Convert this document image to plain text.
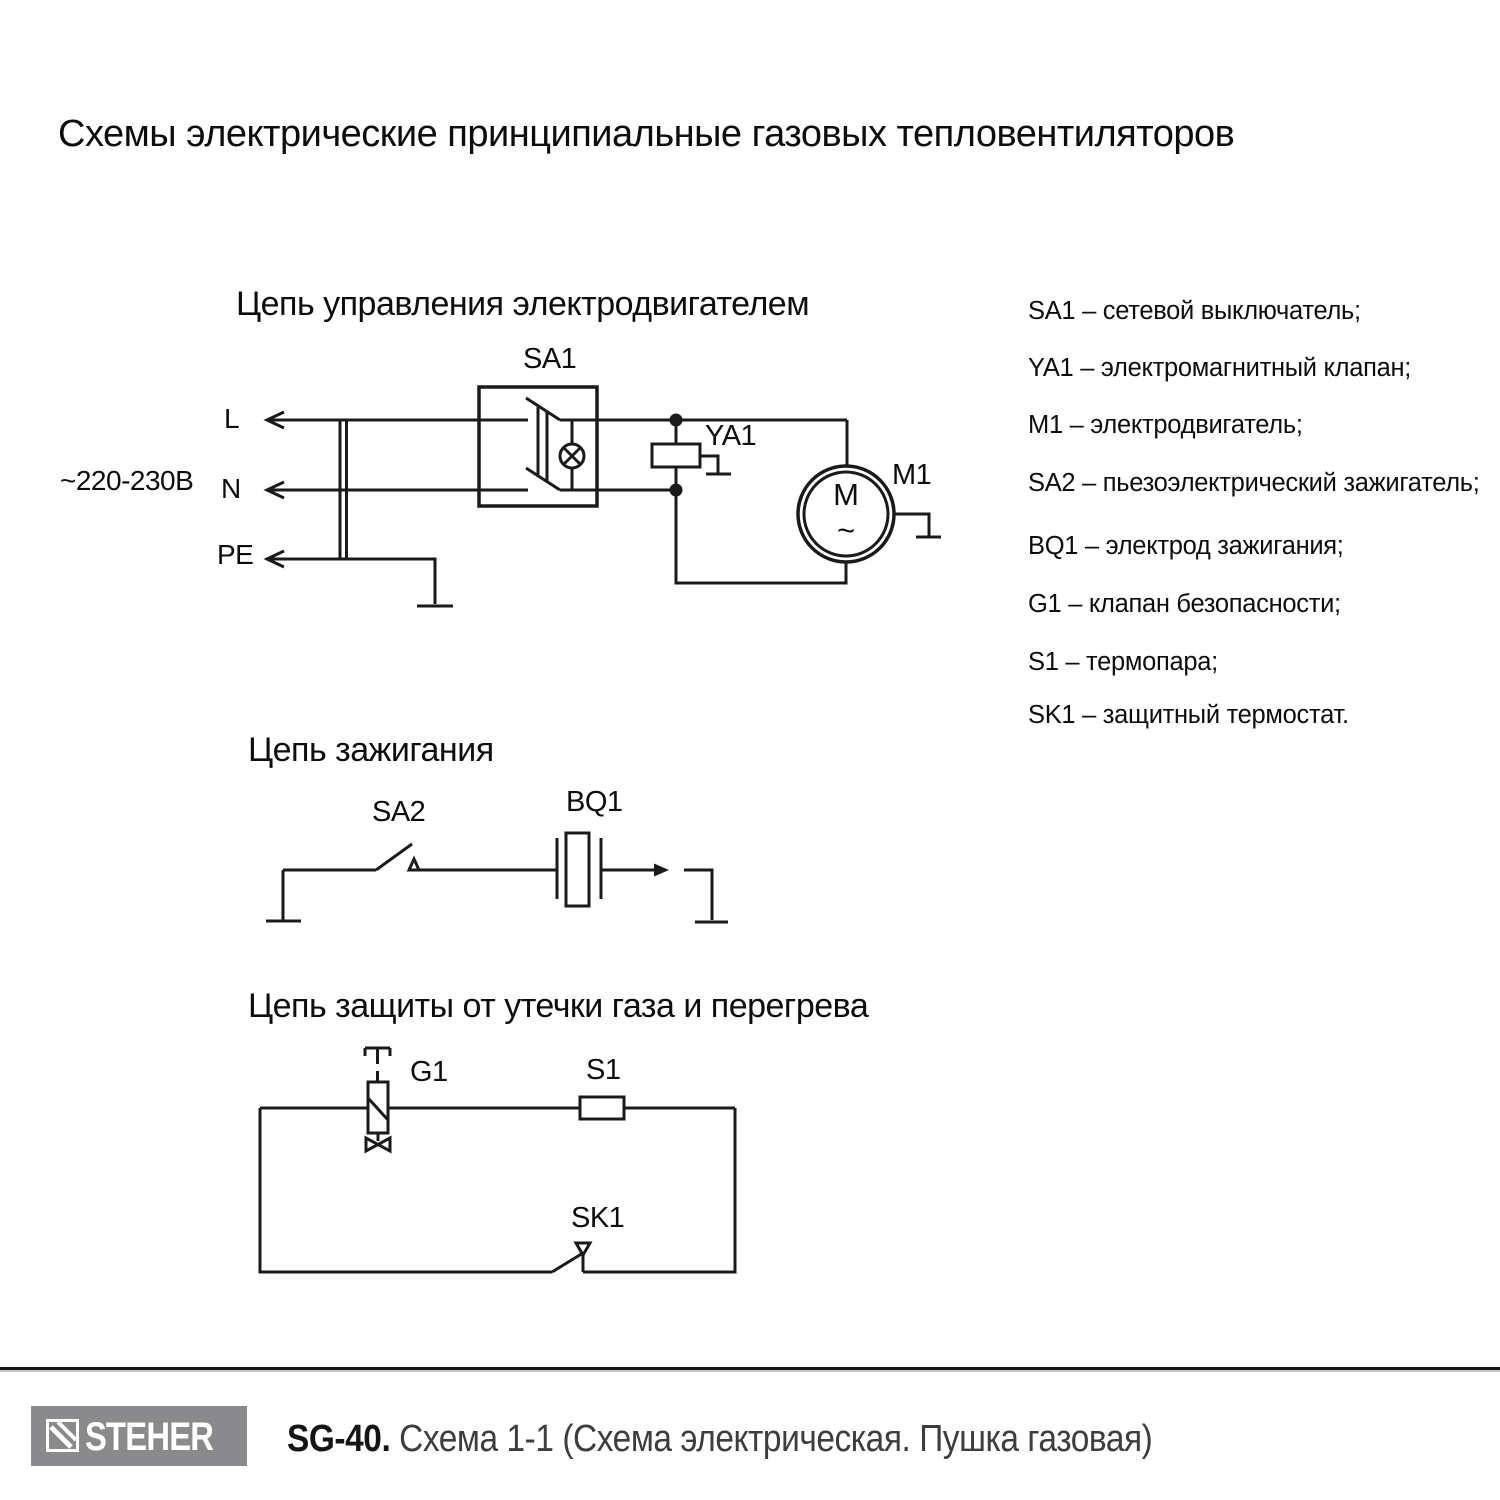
Схемы электрические принципиальные газовых тепловентиляторов
Цепь управления электродвигателем
~220-230В
L
N
PE
SA1
YA1
M1
Цепь зажигания
SA2	BQ1
Цепь защиты от утечки газа и перегрева
G1	S1
SK1
SA1 – сетевой выключатель;
YA1 – электромагнитный клапан;
M1 – электродвигатель;
SA2 – пьезоэлектрический зажигатель;
BQ1 – электрод зажигания;
G1 – клапан безопасности;
S1 – термопара;
SK1 – защитный термостат.
M
~
STEHER SG-40. Схема 1-1 (Схема электрическая. Пушка газовая)
